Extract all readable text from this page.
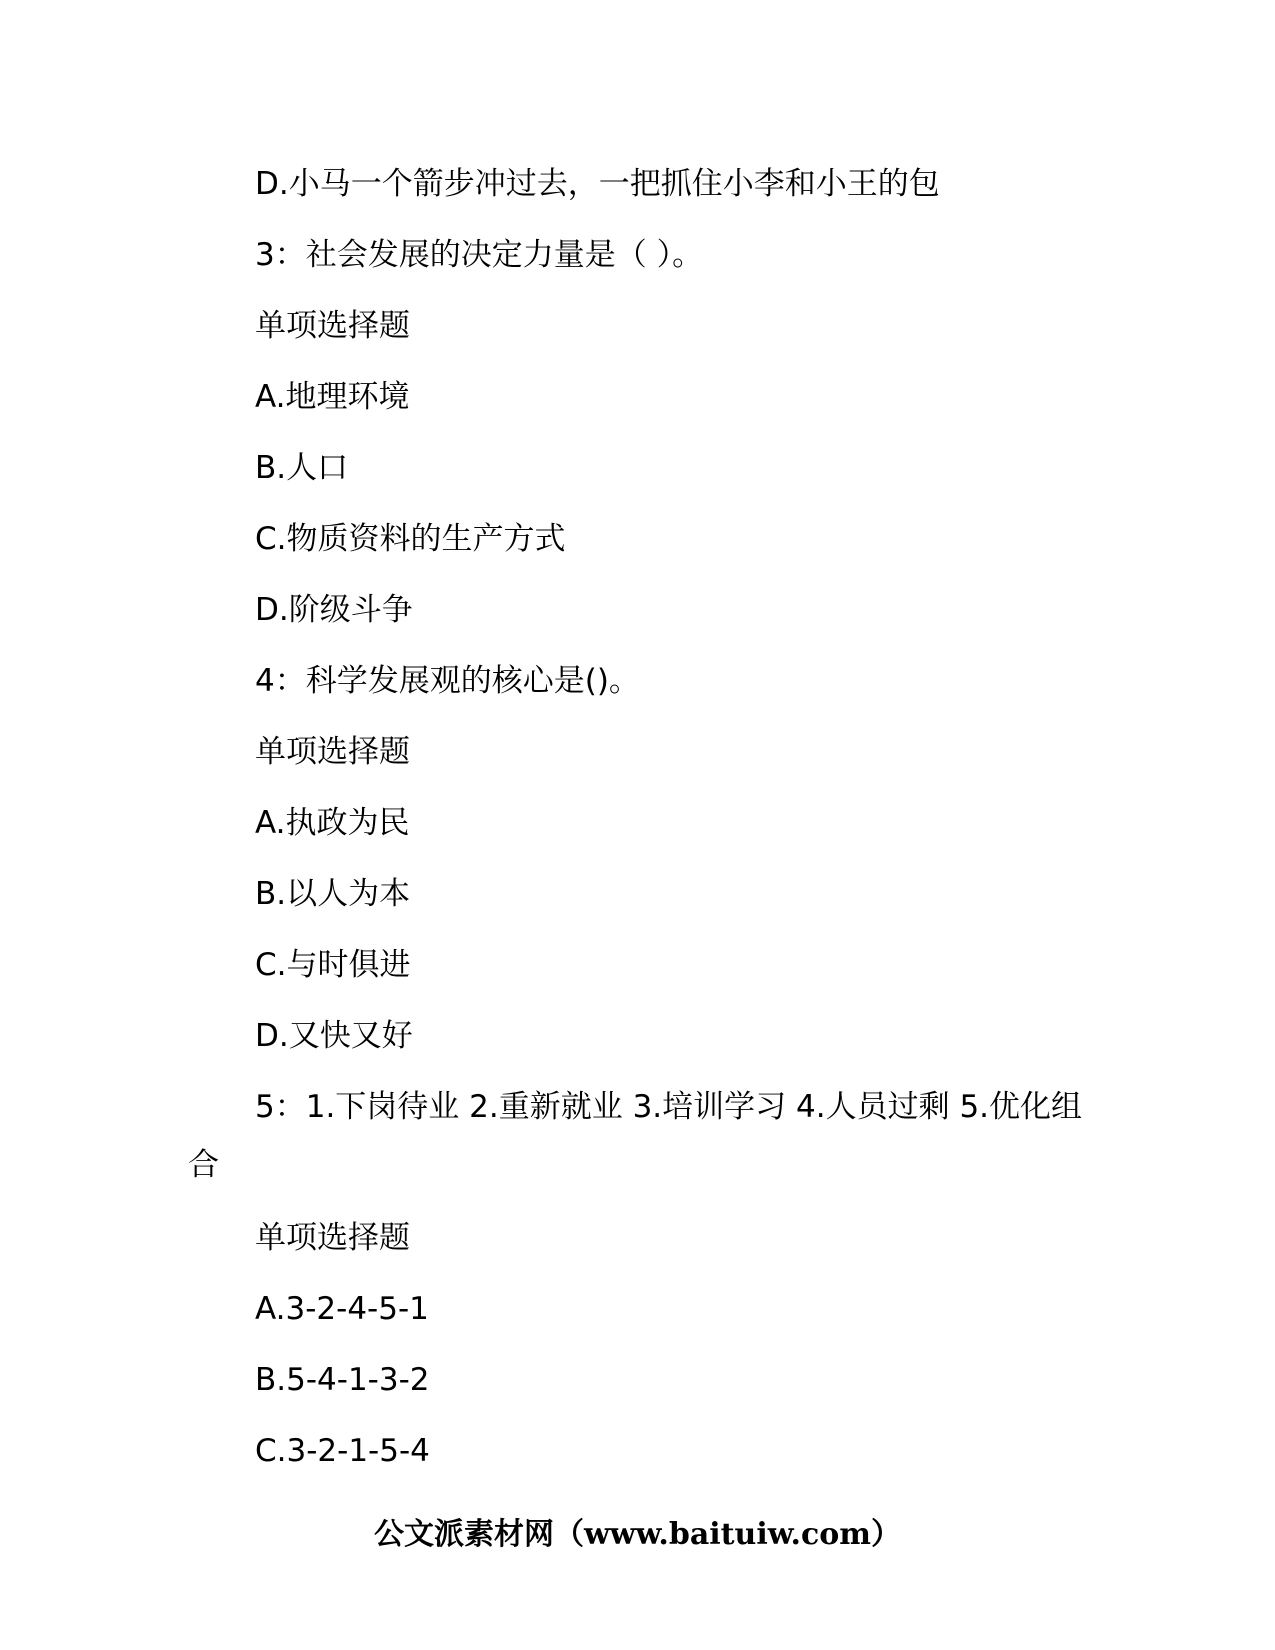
D.小马一个箭步冲过去，一把抓住小李和小王的包
3：社会发展的决定力量是（ ）。
单项选择题
A.地理环境
B.人口
C.物质资料的生产方式
D.阶级斗争
4：科学发展观的核心是()。
单项选择题
A.执政为民
B.以人为本
C.与时俱进
D.又快又好
5：1.下岗待业 2.重新就业 3.培训学习 4.人员过剩 5.优化组合
单项选择题
A.3-2-4-5-1
B.5-4-1-3-2
C.3-2-1-5-4
公文派素材网（www.baituiw.com）
